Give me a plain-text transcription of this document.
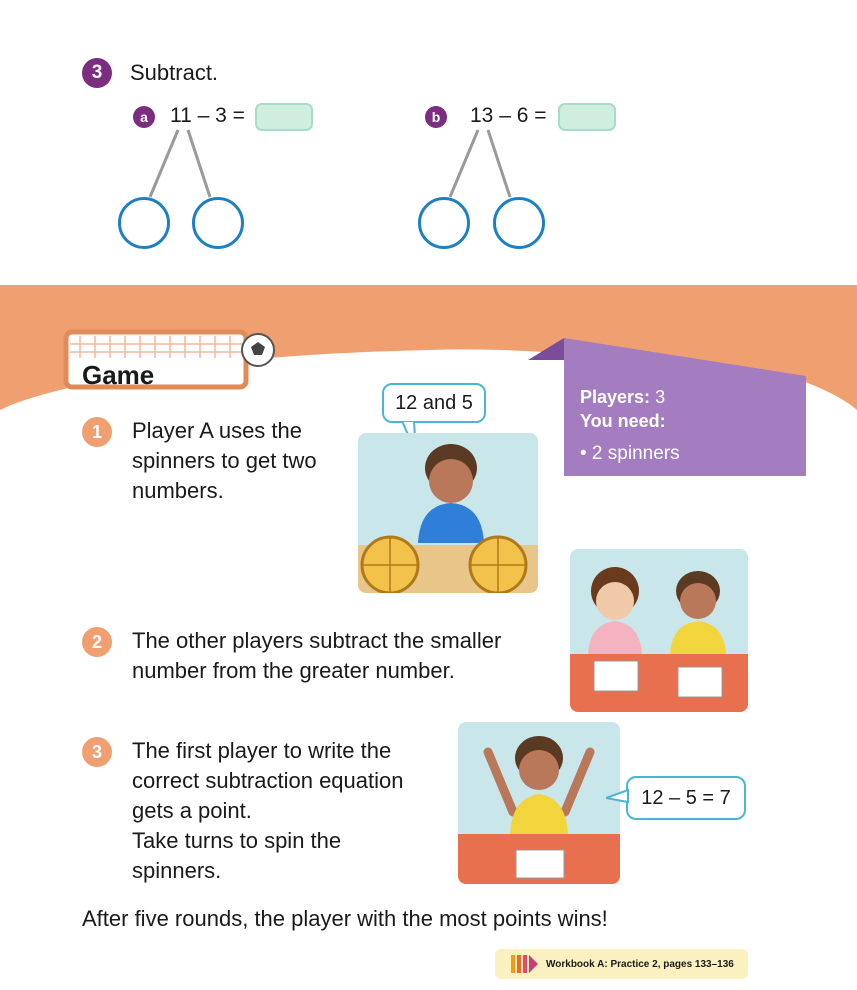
3	Subtract.
a	11 – 3 =	b	13 – 6 =
Game
Players: 3
You need:
• 2 spinners
1	Player A uses the
spinners to get two
numbers.
12 and 5
2	The other players subtract the smaller
number from the greater number.
3	The first player to write the
correct subtraction equation
gets a point.
Take turns to spin the
spinners.
12 – 5 = 7
After five rounds, the player with the most points wins!
Workbook A: Practice 2, pages 133–136
